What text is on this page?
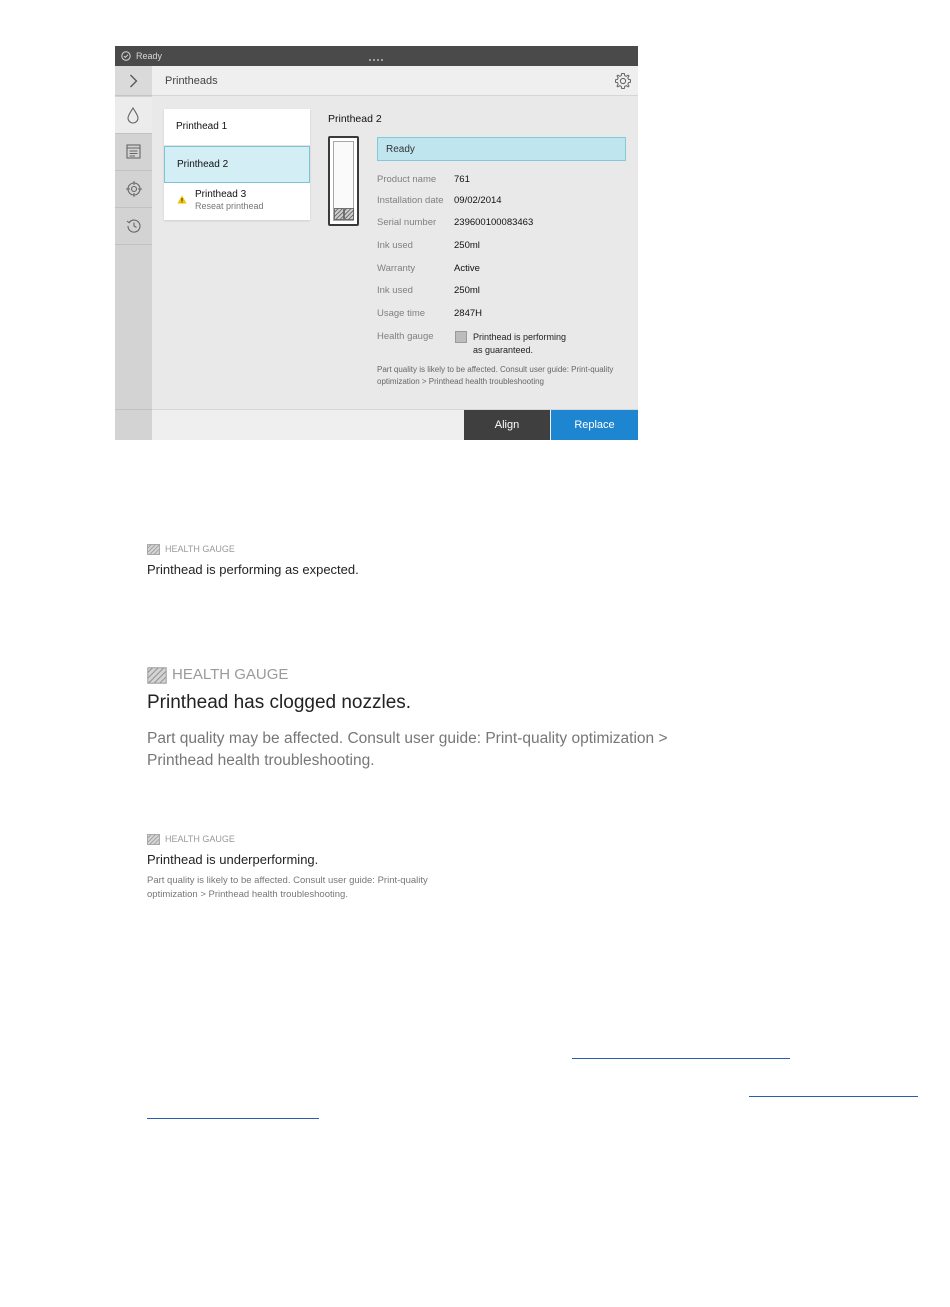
Ready
Printheads
Printhead 1
Printhead 2
Printhead 3
Reseat printhead
Printhead 2
Ready
Product name 761
Installation date 09/02/2014
Serial number 239600100083463
Ink used	250ml
Warranty	Active
Ink used	250ml
Usage time	2847H
Health gauge	Printhead is performing
as guaranteed.
Part quality is likely to be affected. Consult user guide: Print-quality optimization > Printhead health troubleshooting
Align	Replace
HEALTH GAUGE
Printhead is performing as expected.
HEALTH GAUGE
Printhead has clogged nozzles.
Part quality may be affected. Consult user guide: Print-quality optimization > Printhead health troubleshooting.
HEALTH GAUGE
Printhead is underperforming.
Part quality is likely to be affected. Consult user guide: Print-quality optimization > Printhead health troubleshooting.
